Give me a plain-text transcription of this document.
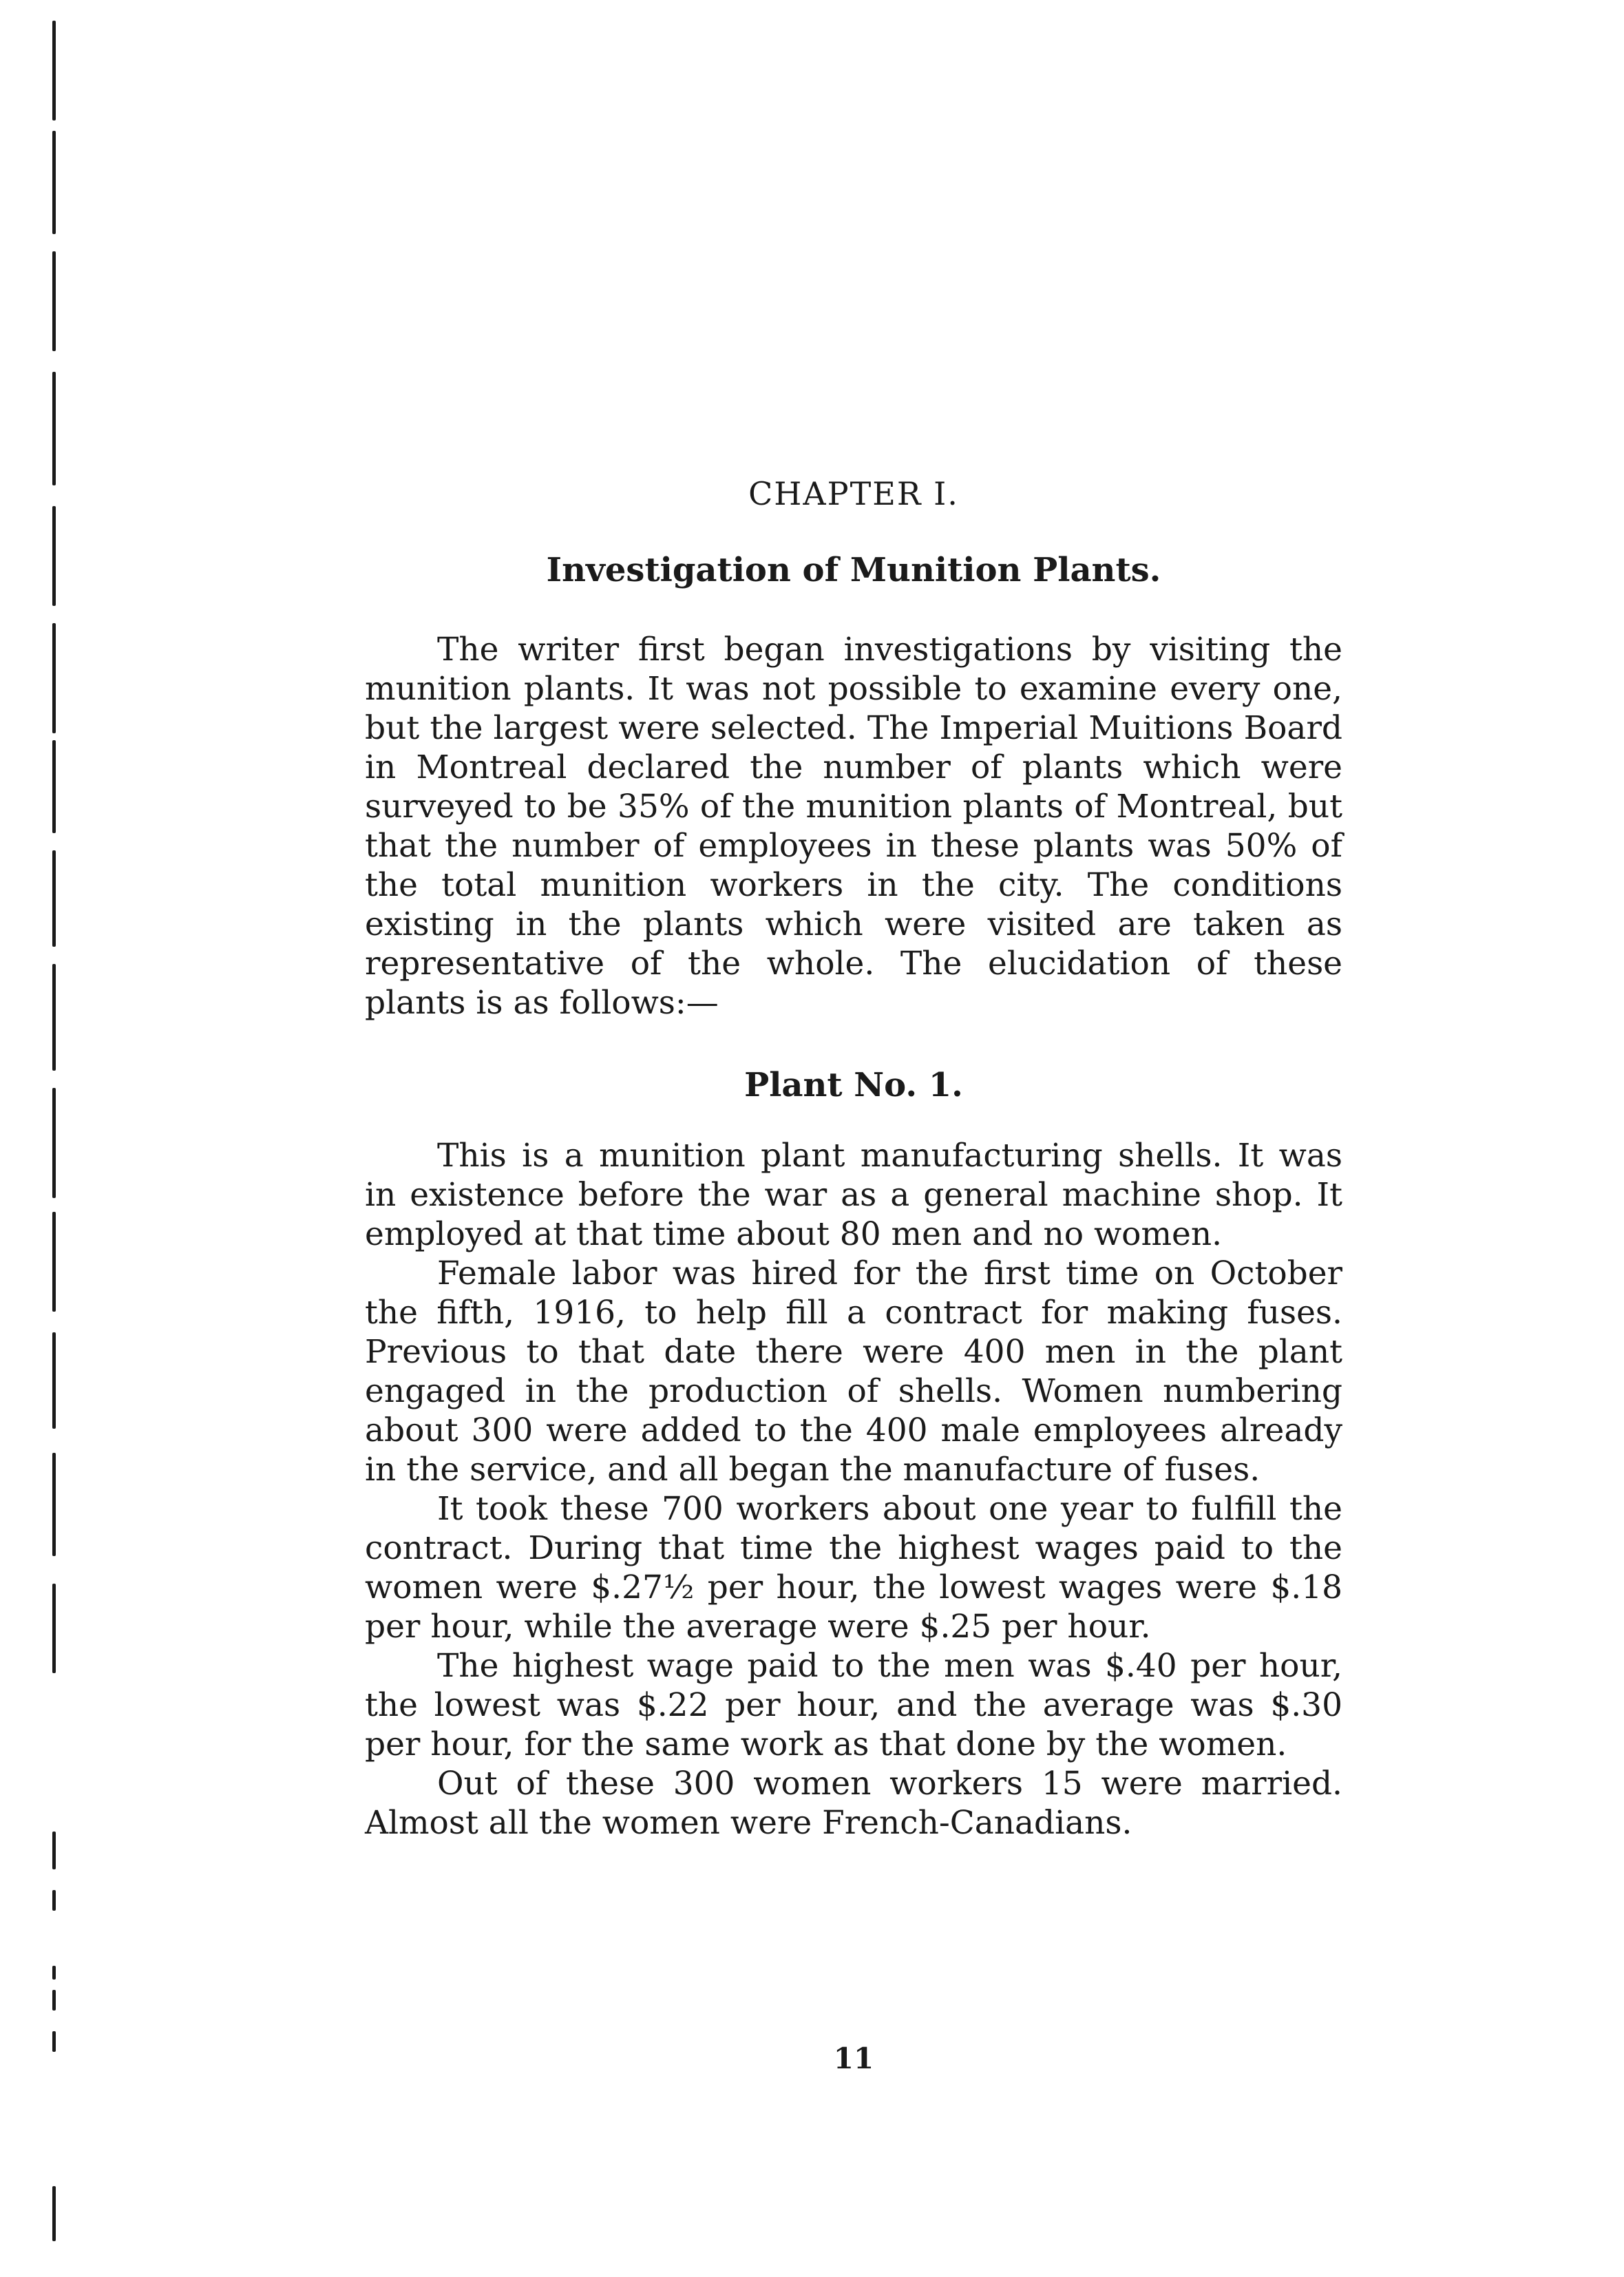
CHAPTER I.
Investigation of Munition Plants.

The writer first began investigations by visiting the munition plants. It was not possible to examine every one, but the largest were selected. The Imperial Muitions Board in Montreal declared the number of plants which were surveyed to be 35% of the munition plants of Montreal, but that the number of employees in these plants was 50% of the total munition workers in the city. The conditions existing in the plants which were visited are taken as representative of the whole. The elucidation of these plants is as follows:—

Plant No. 1.

This is a munition plant manufacturing shells. It was in existence before the war as a general machine shop. It employed at that time about 80 men and no women.

Female labor was hired for the first time on October the fifth, 1916, to help fill a contract for making fuses. Previous to that date there were 400 men in the plant engaged in the production of shells. Women numbering about 300 were added to the 400 male employees already in the service, and all began the manufacture of fuses.

It took these 700 workers about one year to fulfill the contract. During that time the highest wages paid to the women were $.27½ per hour, the lowest wages were $.18 per hour, while the average were $.25 per hour.

The highest wage paid to the men was $.40 per hour, the lowest was $.22 per hour, and the average was $.30 per hour, for the same work as that done by the women.

Out of these 300 women workers 15 were married. Almost all the women were French-Canadians.

11
